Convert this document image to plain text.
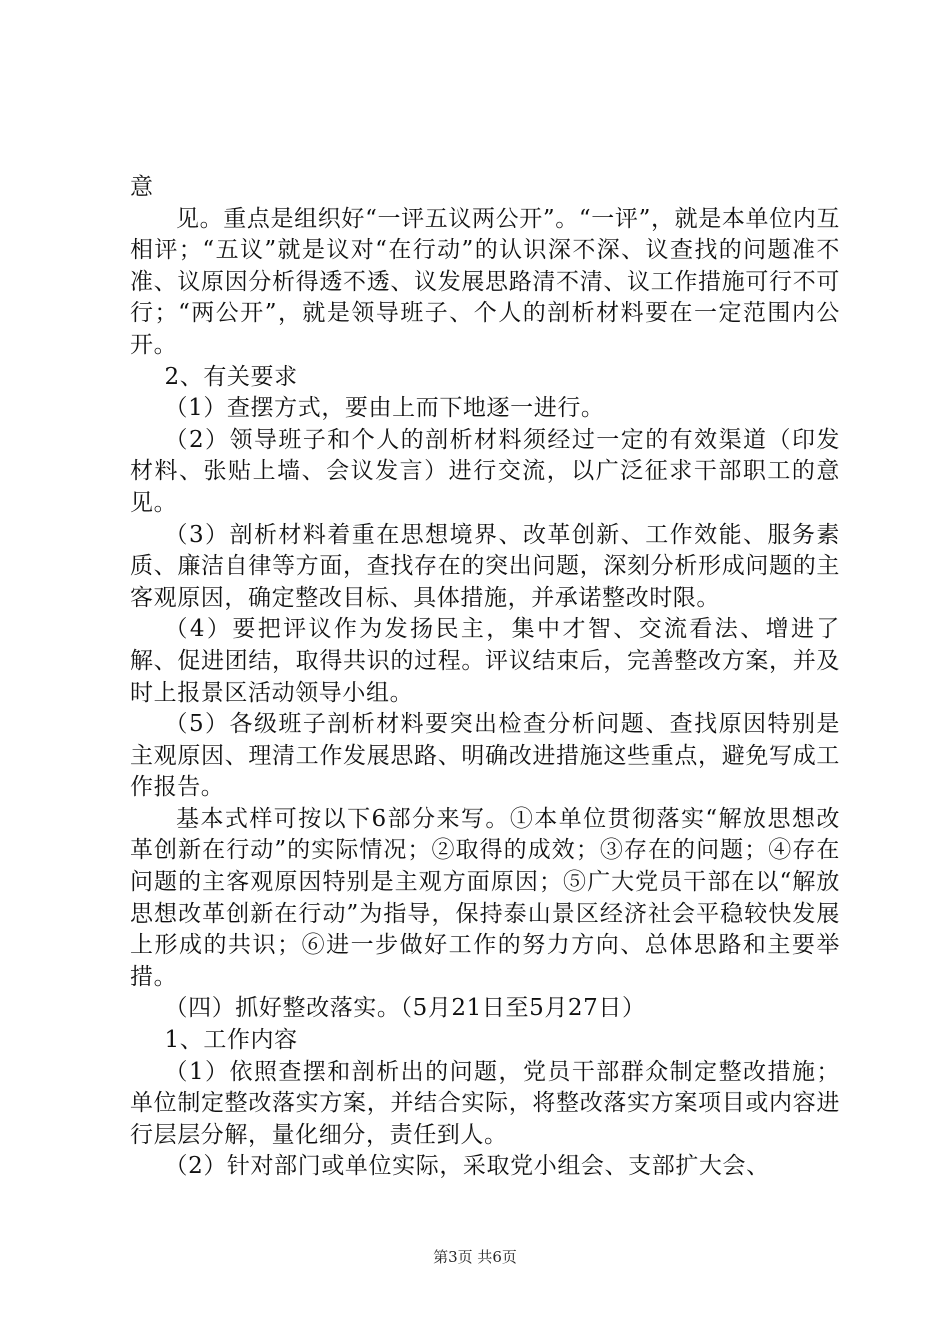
意

见。重点是组织好“一评五议两公开”。“一评”，就是本单位内互相评；“五议”就是议对“在行动”的认识深不深、议查找的问题准不准、议原因分析得透不透、议发展思路清不清、议工作措施可行不可行；“两公开”，就是领导班子、个人的剖析材料要在一定范围内公开。

2、有关要求

（1）查摆方式，要由上而下地逐一进行。

（2）领导班子和个人的剖析材料须经过一定的有效渠道（印发材料、张贴上墙、会议发言）进行交流，以广泛征求干部职工的意见。

（3）剖析材料着重在思想境界、改革创新、工作效能、服务素质、廉洁自律等方面，查找存在的突出问题，深刻分析形成问题的主客观原因，确定整改目标、具体措施，并承诺整改时限。

（4）要把评议作为发扬民主，集中才智、交流看法、增进了解、促进团结，取得共识的过程。评议结束后，完善整改方案，并及时上报景区活动领导小组。

（5）各级班子剖析材料要突出检查分析问题、查找原因特别是主观原因、理清工作发展思路、明确改进措施这些重点，避免写成工作报告。

基本式样可按以下6部分来写。①本单位贯彻落实“解放思想改革创新在行动”的实际情况；②取得的成效；③存在的问题；④存在问题的主客观原因特别是主观方面原因；⑤广大党员干部在以“解放思想改革创新在行动”为指导，保持泰山景区经济社会平稳较快发展上形成的共识；⑥进一步做好工作的努力方向、总体思路和主要举措。

（四）抓好整改落实。（5月21日至5月27日）

1、工作内容

（1）依照查摆和剖析出的问题，党员干部群众制定整改措施；单位制定整改落实方案，并结合实际，将整改落实方案项目或内容进行层层分解，量化细分，责任到人。

（2）针对部门或单位实际，采取党小组会、支部扩大会、

第3页 共6页
